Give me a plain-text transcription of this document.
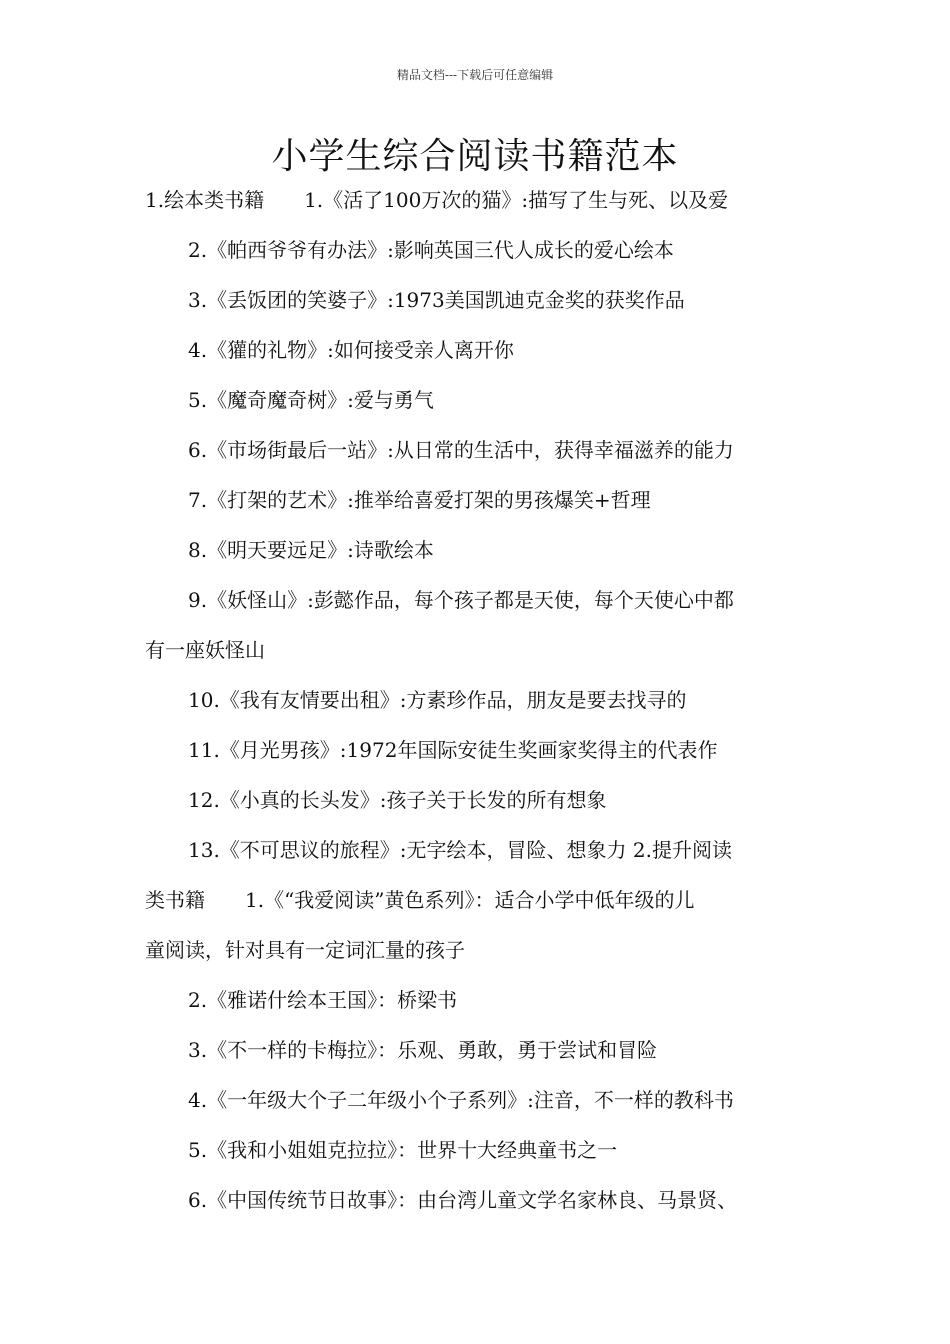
精品文档---下载后可任意编辑
小学生综合阅读书籍范本
1.绘本类书籍　　1.《活了100万次的猫》:描写了生与死、以及爱
2.《帕西爷爷有办法》:影响英国三代人成长的爱心绘本
3.《丢饭团的笑婆子》:1973美国凯迪克金奖的获奖作品
4.《獾的礼物》:如何接受亲人离开你
5.《魔奇魔奇树》:爱与勇气
6.《市场街最后一站》:从日常的生活中，获得幸福滋养的能力
7.《打架的艺术》:推举给喜爱打架的男孩爆笑+哲理
8.《明天要远足》:诗歌绘本
9.《妖怪山》:彭懿作品，每个孩子都是天使，每个天使心中都
有一座妖怪山
10.《我有友情要出租》:方素珍作品，朋友是要去找寻的
11.《月光男孩》:1972年国际安徒生奖画家奖得主的代表作
12.《小真的长头发》:孩子关于长发的所有想象
13.《不可思议的旅程》:无字绘本，冒险、想象力 2.提升阅读
类书籍　　1.《“我爱阅读”黄色系列》：适合小学中低年级的儿
童阅读，针对具有一定词汇量的孩子
2.《雅诺什绘本王国》：桥梁书
3.《不一样的卡梅拉》：乐观、勇敢，勇于尝试和冒险
4.《一年级大个子二年级小个子系列》:注音，不一样的教科书
5.《我和小姐姐克拉拉》：世界十大经典童书之一
6.《中国传统节日故事》：由台湾儿童文学名家林良、马景贤、
